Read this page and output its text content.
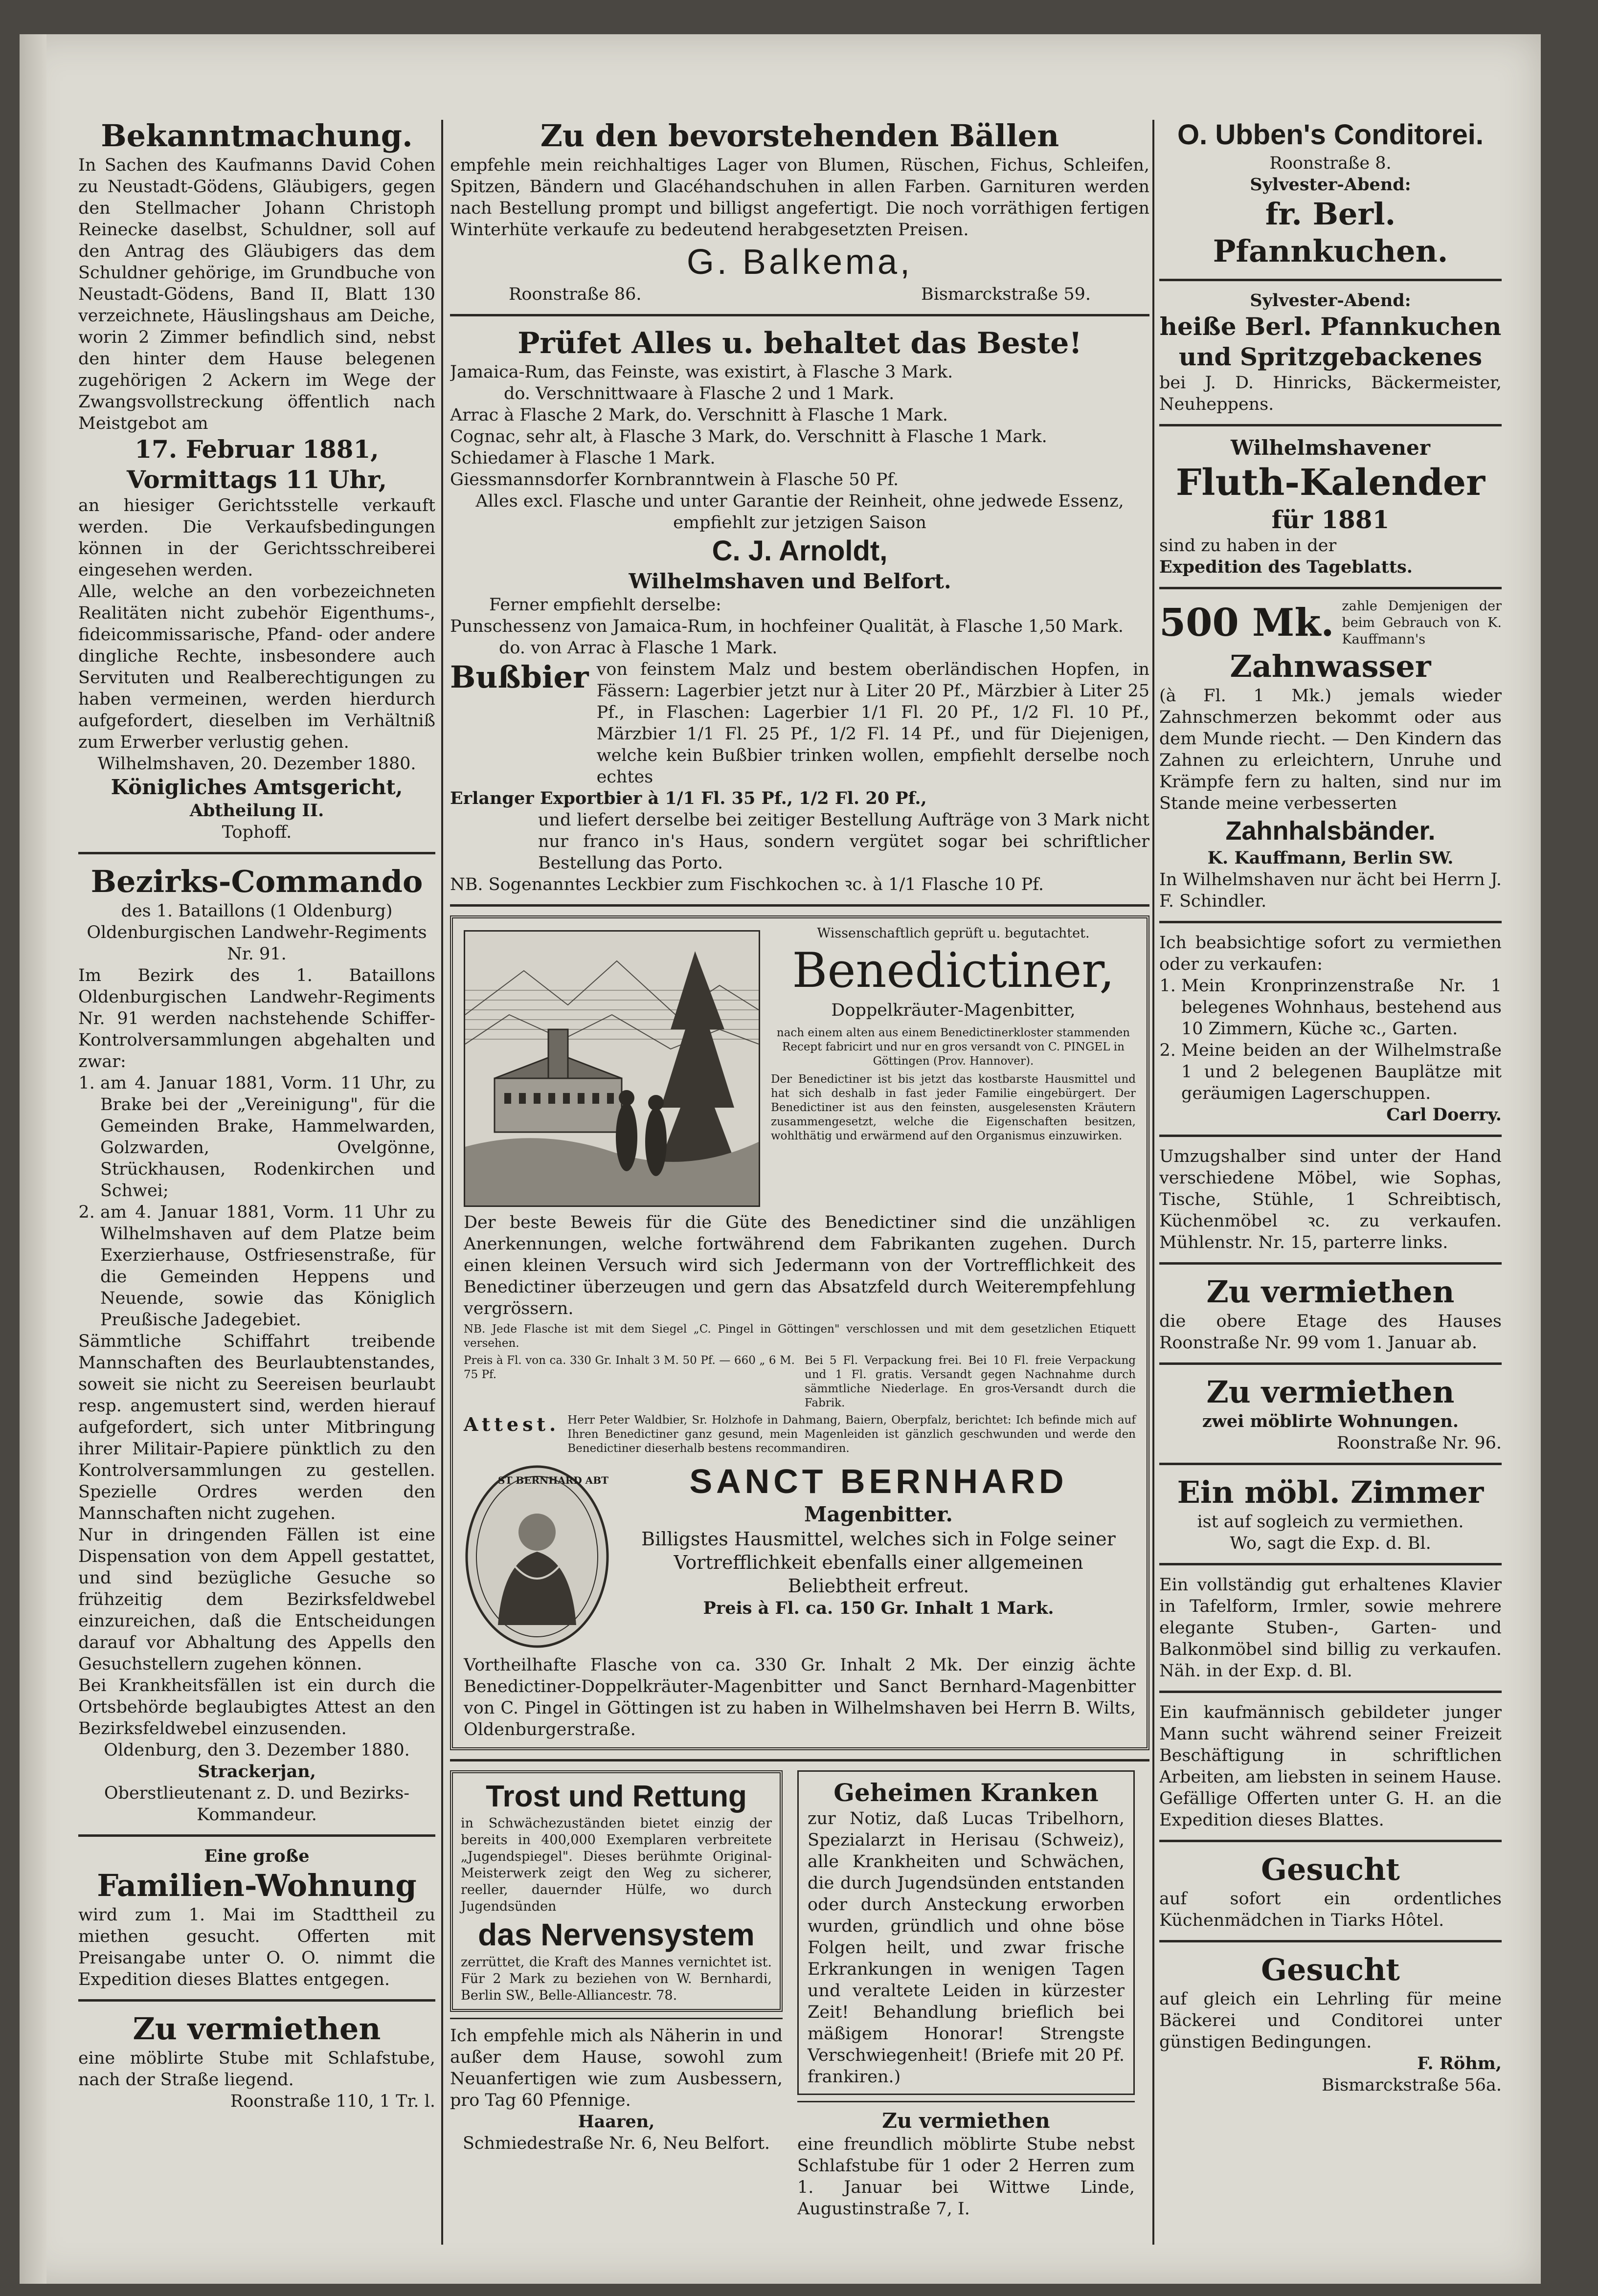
Bekanntmachung.

In Sachen des Kaufmanns David Cohen zu Neustadt-Gödens, Gläubigers, gegen den Stellmacher Johann Christoph Reinecke daselbst, Schuldner, soll auf den Antrag des Gläubigers das dem Schuldner gehörige, im Grundbuche von Neustadt-Gödens, Band II, Blatt 130 verzeichnete, Häuslingshaus am Deiche, worin 2 Zimmer befindlich sind, nebst den hinter dem Hause belegenen zugehörigen 2 Ackern im Wege der Zwangsvollstreckung öffentlich nach Meistgebot am

17. Februar 1881,

Vormittags 11 Uhr,

an hiesiger Gerichtsstelle verkauft werden. Die Verkaufsbedingungen können in der Gerichtsschreiberei eingesehen werden.

Alle, welche an den vorbezeichneten Realitäten nicht zubehör Eigenthums-, fideicommissarische, Pfand- oder andere dingliche Rechte, insbesondere auch Servituten und Realberechtigungen zu haben vermeinen, werden hierdurch aufgefordert, dieselben im Verhältniß zum Erwerber verlustig gehen.

Wilhelmshaven, 20. Dezember 1880.

Königliches Amtsgericht,

Abtheilung II.

Tophoff.

Bezirks-Commando

des 1. Bataillons (1 Oldenburg)

Oldenburgischen Landwehr-Regiments Nr. 91.

Im Bezirk des 1. Bataillons Oldenburgischen Landwehr-Regiments Nr. 91 werden nachstehende Schiffer-Kontrolversammlungen abgehalten und zwar:

1. am 4. Januar 1881, Vorm. 11 Uhr, zu Brake bei der „Vereinigung", für die Gemeinden Brake, Hammelwarden, Golzwarden, Ovelgönne, Strückhausen, Rodenkirchen und Schwei;
2. am 4. Januar 1881, Vorm. 11 Uhr zu Wilhelmshaven auf dem Platze beim Exerzierhause, Ostfriesenstraße, für die Gemeinden Heppens und Neuende, sowie das Königlich Preußische Jadegebiet.

Sämmtliche Schiffahrt treibende Mannschaften des Beurlaubtenstandes, soweit sie nicht zu Seereisen beurlaubt resp. angemustert sind, werden hierauf aufgefordert, sich unter Mitbringung ihrer Militair-Papiere pünktlich zu den Kontrolversammlungen zu gestellen. Spezielle Ordres werden den Mannschaften nicht zugehen.

Nur in dringenden Fällen ist eine Dispensation von dem Appell gestattet, und sind bezügliche Gesuche so frühzeitig dem Bezirksfeldwebel einzureichen, daß die Entscheidungen darauf vor Abhaltung des Appells den Gesuchstellern zugehen können.

Bei Krankheitsfällen ist ein durch die Ortsbehörde beglaubigtes Attest an den Bezirksfeldwebel einzusenden.

Oldenburg, den 3. Dezember 1880.

Strackerjan,

Oberstlieutenant z. D. und Bezirks-Kommandeur.

Eine große

Familien-Wohnung

wird zum 1. Mai im Stadttheil zu miethen gesucht. Offerten mit Preisangabe unter O. O. nimmt die Expedition dieses Blattes entgegen.

Zu vermiethen

eine möblirte Stube mit Schlafstube, nach der Straße liegend.

Roonstraße 110, 1 Tr. l.

Zu den bevorstehenden Bällen

empfehle mein reichhaltiges Lager von Blumen, Rüschen, Fichus, Schleifen, Spitzen, Bändern und Glacéhandschuhen in allen Farben. Garnituren werden nach Bestellung prompt und billigst angefertigt. Die noch vorräthigen fertigen Winterhüte verkaufe zu bedeutend herabgesetzten Preisen.

G. Balkema,

Roonstraße 86.	Bismarckstraße 59.

Prüfet Alles u. behaltet das Beste!

Jamaica-Rum, das Feinste, was existirt, à Flasche 3 Mark.

do. Verschnittwaare à Flasche 2 und 1 Mark.

Arrac à Flasche 2 Mark, do. Verschnitt à Flasche 1 Mark.

Cognac, sehr alt, à Flasche 3 Mark, do. Verschnitt à Flasche 1 Mark.

Schiedamer à Flasche 1 Mark.

Giessmannsdorfer Kornbranntwein à Flasche 50 Pf.

Alles excl. Flasche und unter Garantie der Reinheit, ohne jedwede Essenz, empfiehlt zur jetzigen Saison

C. J. Arnoldt,

Wilhelmshaven und Belfort.

Ferner empfiehlt derselbe:

Punschessenz von Jamaica-Rum, in hochfeiner Qualität, à Flasche 1,50 Mark.

do. von Arrac à Flasche 1 Mark.

Bußbier von feinstem Malz und bestem oberländischen Hopfen, in Fässern: Lagerbier jetzt nur à Liter 20 Pf., Märzbier à Liter 25 Pf., in Flaschen: Lagerbier 1/1 Fl. 20 Pf., 1/2 Fl. 10 Pf., Märzbier 1/1 Fl. 25 Pf., 1/2 Fl. 14 Pf., und für Diejenigen, welche kein Bußbier trinken wollen, empfiehlt derselbe noch echtes

Erlanger Exportbier à 1/1 Fl. 35 Pf., 1/2 Fl. 20 Pf.,

und liefert derselbe bei zeitiger Bestellung Aufträge von 3 Mark nicht nur franco in's Haus, sondern vergütet sogar bei schriftlicher Bestellung das Porto.

NB. Sogenanntes Leckbier zum Fischkochen ꝛc. à 1/1 Flasche 10 Pf.

Wissenschaftlich geprüft u. begutachtet.

Benedictiner,

Doppelkräuter-Magenbitter,

nach einem alten aus einem Benedictinerkloster stammenden Recept fabricirt und nur en gros versandt von C. PINGEL in Göttingen (Prov. Hannover).

Der Benedictiner ist bis jetzt das kostbarste Hausmittel und hat sich deshalb in fast jeder Familie eingebürgert. Der Benedictiner ist aus den feinsten, ausgelesensten Kräutern zusammengesetzt, welche die Eigenschaften besitzen, wohlthätig und erwärmend auf den Organismus einzuwirken.

Der beste Beweis für die Güte des Benedictiner sind die unzähligen Anerkennungen, welche fortwährend dem Fabrikanten zugehen. Durch einen kleinen Versuch wird sich Jedermann von der Vortrefflichkeit des Benedictiner überzeugen und gern das Absatzfeld durch Weiterempfehlung vergrössern.

NB. Jede Flasche ist mit dem Siegel „C. Pingel in Göttingen" verschlossen und mit dem gesetzlichen Etiquett versehen.

Preis à Fl. von ca. 330 Gr. Inhalt 3 M. 50 Pf. — 660 „ 6 M. 75 Pf.

Bei 5 Fl. Verpackung frei. Bei 10 Fl. freie Verpackung und 1 Fl. gratis. Versandt gegen Nachnahme durch sämmtliche Niederlage. En gros-Versandt durch die Fabrik.

Attest. Herr Peter Waldbier, Sr. Holzhofe in Dahmang, Baiern, Oberpfalz, berichtet: Ich befinde mich auf Ihren Benedictiner ganz gesund, mein Magenleiden ist gänzlich geschwunden und werde den Benedictiner dieserhalb bestens recommandiren.
ST BERNHARD ABT	SANCT BERNHARD

Magenbitter.

Billigstes Hausmittel, welches sich in Folge seiner Vortrefflichkeit ebenfalls einer allgemeinen Beliebtheit erfreut.

Preis à Fl. ca. 150 Gr. Inhalt 1 Mark.

Vortheilhafte Flasche von ca. 330 Gr. Inhalt 2 Mk. Der einzig ächte Benedictiner-Doppelkräuter-Magenbitter und Sanct Bernhard-Magenbitter von C. Pingel in Göttingen ist zu haben in Wilhelmshaven bei Herrn B. Wilts, Oldenburgerstraße.

Trost und Rettung

in Schwächezuständen bietet einzig der bereits in 400,000 Exemplaren verbreitete „Jugendspiegel". Dieses berühmte Original-Meisterwerk zeigt den Weg zu sicherer, reeller, dauernder Hülfe, wo durch Jugendsünden

das Nervensystem

zerrüttet, die Kraft des Mannes vernichtet ist. Für 2 Mark zu beziehen von W. Bernhardi, Berlin SW., Belle-Alliancestr. 78.

Ich empfehle mich als Näherin in und außer dem Hause, sowohl zum Neuanfertigen wie zum Ausbessern, pro Tag 60 Pfennige.

Haaren,

Schmiedestraße Nr. 6, Neu Belfort.

Geheimen Kranken

zur Notiz, daß Lucas Tribelhorn, Spezialarzt in Herisau (Schweiz), alle Krankheiten und Schwächen, die durch Jugendsünden entstanden oder durch Ansteckung erworben wurden, gründlich und ohne böse Folgen heilt, und zwar frische Erkrankungen in wenigen Tagen und veraltete Leiden in kürzester Zeit! Behandlung brieflich bei mäßigem Honorar! Strengste Verschwiegenheit! (Briefe mit 20 Pf. frankiren.)

Zu vermiethen

eine freundlich möblirte Stube nebst Schlafstube für 1 oder 2 Herren zum 1. Januar bei Wittwe Linde, Augustinstraße 7, I.

O. Ubben's Conditorei.

Roonstraße 8.

Sylvester-Abend:

fr. Berl. Pfannkuchen.

Sylvester-Abend:

heiße Berl. Pfannkuchen und Spritzgebackenes

bei J. D. Hinricks, Bäckermeister, Neuheppens.

Wilhelmshavener

Fluth-Kalender

für 1881

sind zu haben in der

Expedition des Tageblatts.

500 Mk. zahle Demjenigen der beim Gebrauch von K. Kauffmann's

Zahnwasser

(à Fl. 1 Mk.) jemals wieder Zahnschmerzen bekommt oder aus dem Munde riecht. — Den Kindern das Zahnen zu erleichtern, Unruhe und Krämpfe fern zu halten, sind nur im Stande meine verbesserten

Zahnhalsbänder.

K. Kauffmann, Berlin SW.

In Wilhelmshaven nur ächt bei Herrn J. F. Schindler.

Ich beabsichtige sofort zu vermiethen oder zu verkaufen:

1. Mein Kronprinzenstraße Nr. 1 belegenes Wohnhaus, bestehend aus 10 Zimmern, Küche ꝛc., Garten.
2. Meine beiden an der Wilhelmstraße 1 und 2 belegenen Bauplätze mit geräumigen Lagerschuppen.

Carl Doerry.

Umzugshalber sind unter der Hand verschiedene Möbel, wie Sophas, Tische, Stühle, 1 Schreibtisch, Küchenmöbel ꝛc. zu verkaufen. Mühlenstr. Nr. 15, parterre links.

Zu vermiethen

die obere Etage des Hauses Roonstraße Nr. 99 vom 1. Januar ab.

Zu vermiethen

zwei möblirte Wohnungen.

Roonstraße Nr. 96.

Ein möbl. Zimmer

ist auf sogleich zu vermiethen.

Wo, sagt die Exp. d. Bl.

Ein vollständig gut erhaltenes Klavier in Tafelform, Irmler, sowie mehrere elegante Stuben-, Garten- und Balkonmöbel sind billig zu verkaufen. Näh. in der Exp. d. Bl.

Ein kaufmännisch gebildeter junger Mann sucht während seiner Freizeit Beschäftigung in schriftlichen Arbeiten, am liebsten in seinem Hause. Gefällige Offerten unter G. H. an die Expedition dieses Blattes.

Gesucht

auf sofort ein ordentliches Küchenmädchen in Tiarks Hôtel.

Gesucht

auf gleich ein Lehrling für meine Bäckerei und Conditorei unter günstigen Bedingungen.

F. Röhm,

Bismarckstraße 56a.
